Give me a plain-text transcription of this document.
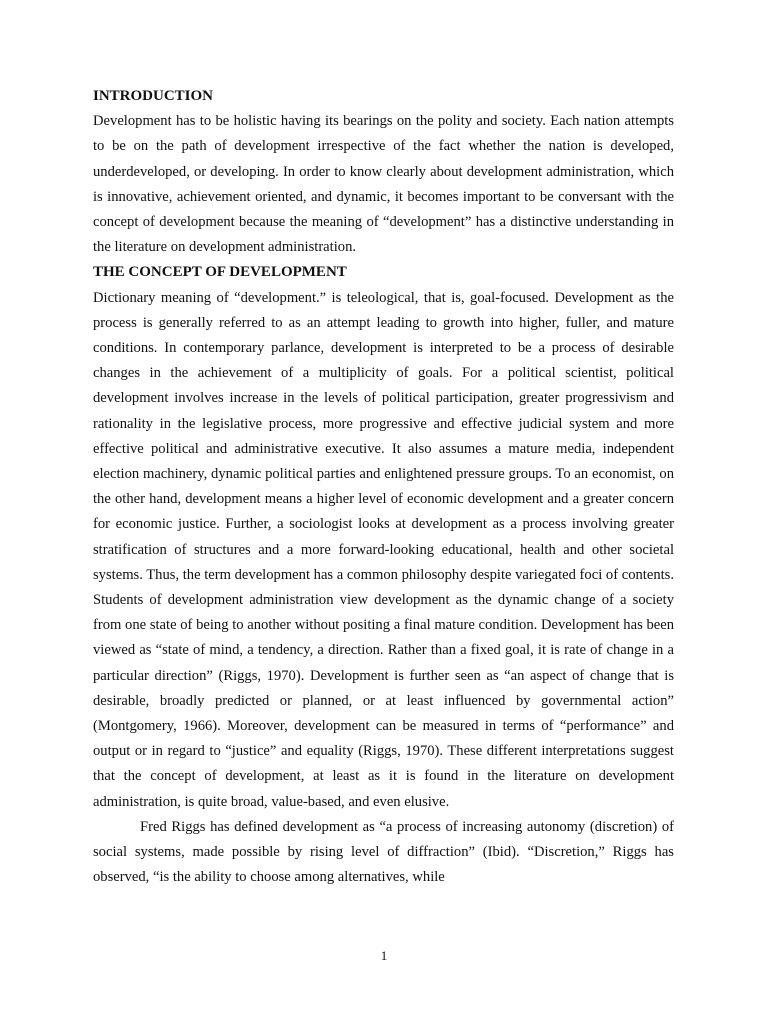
INTRODUCTION

Development has to be holistic having its bearings on the polity and society. Each nation attempts to be on the path of development irrespective of the fact whether the nation is developed, underdeveloped, or developing. In order to know clearly about development administration, which is innovative, achievement oriented, and dynamic, it becomes important to be conversant with the concept of development because the meaning of “development” has a distinctive understanding in the literature on development administration.

THE CONCEPT OF DEVELOPMENT

Dictionary meaning of “development.” is teleological, that is, goal-focused. Development as the process is generally referred to as an attempt leading to growth into higher, fuller, and mature conditions. In contemporary parlance, development is interpreted to be a process of desirable changes in the achievement of a multiplicity of goals. For a political scientist, political development involves increase in the levels of political participation, greater progressivism and rationality in the legislative process, more progressive and effective judicial system and more effective political and administrative executive. It also assumes a mature media, independent election machinery, dynamic political parties and enlightened pressure groups. To an economist, on the other hand, development means a higher level of economic development and a greater concern for economic justice. Further, a sociologist looks at development as a process involving greater stratification of structures and a more forward-looking educational, health and other societal systems. Thus, the term development has a common philosophy despite variegated foci of contents. Students of development administration view development as the dynamic change of a society from one state of being to another without positing a final mature condition. Development has been viewed as “state of mind, a tendency, a direction. Rather than a fixed goal, it is rate of change in a particular direction” (Riggs, 1970). Development is further seen as “an aspect of change that is desirable, broadly predicted or planned, or at least influenced by governmental action” (Montgomery, 1966). Moreover, development can be measured in terms of “performance” and output or in regard to “justice” and equality (Riggs, 1970). These different interpretations suggest that the concept of development, at least as it is found in the literature on development administration, is quite broad, value-based, and even elusive.

Fred Riggs has defined development as “a process of increasing autonomy (discretion) of social systems, made possible by rising level of diffraction” (Ibid). “Discretion,” Riggs has observed, “is the ability to choose among alternatives, while

1
